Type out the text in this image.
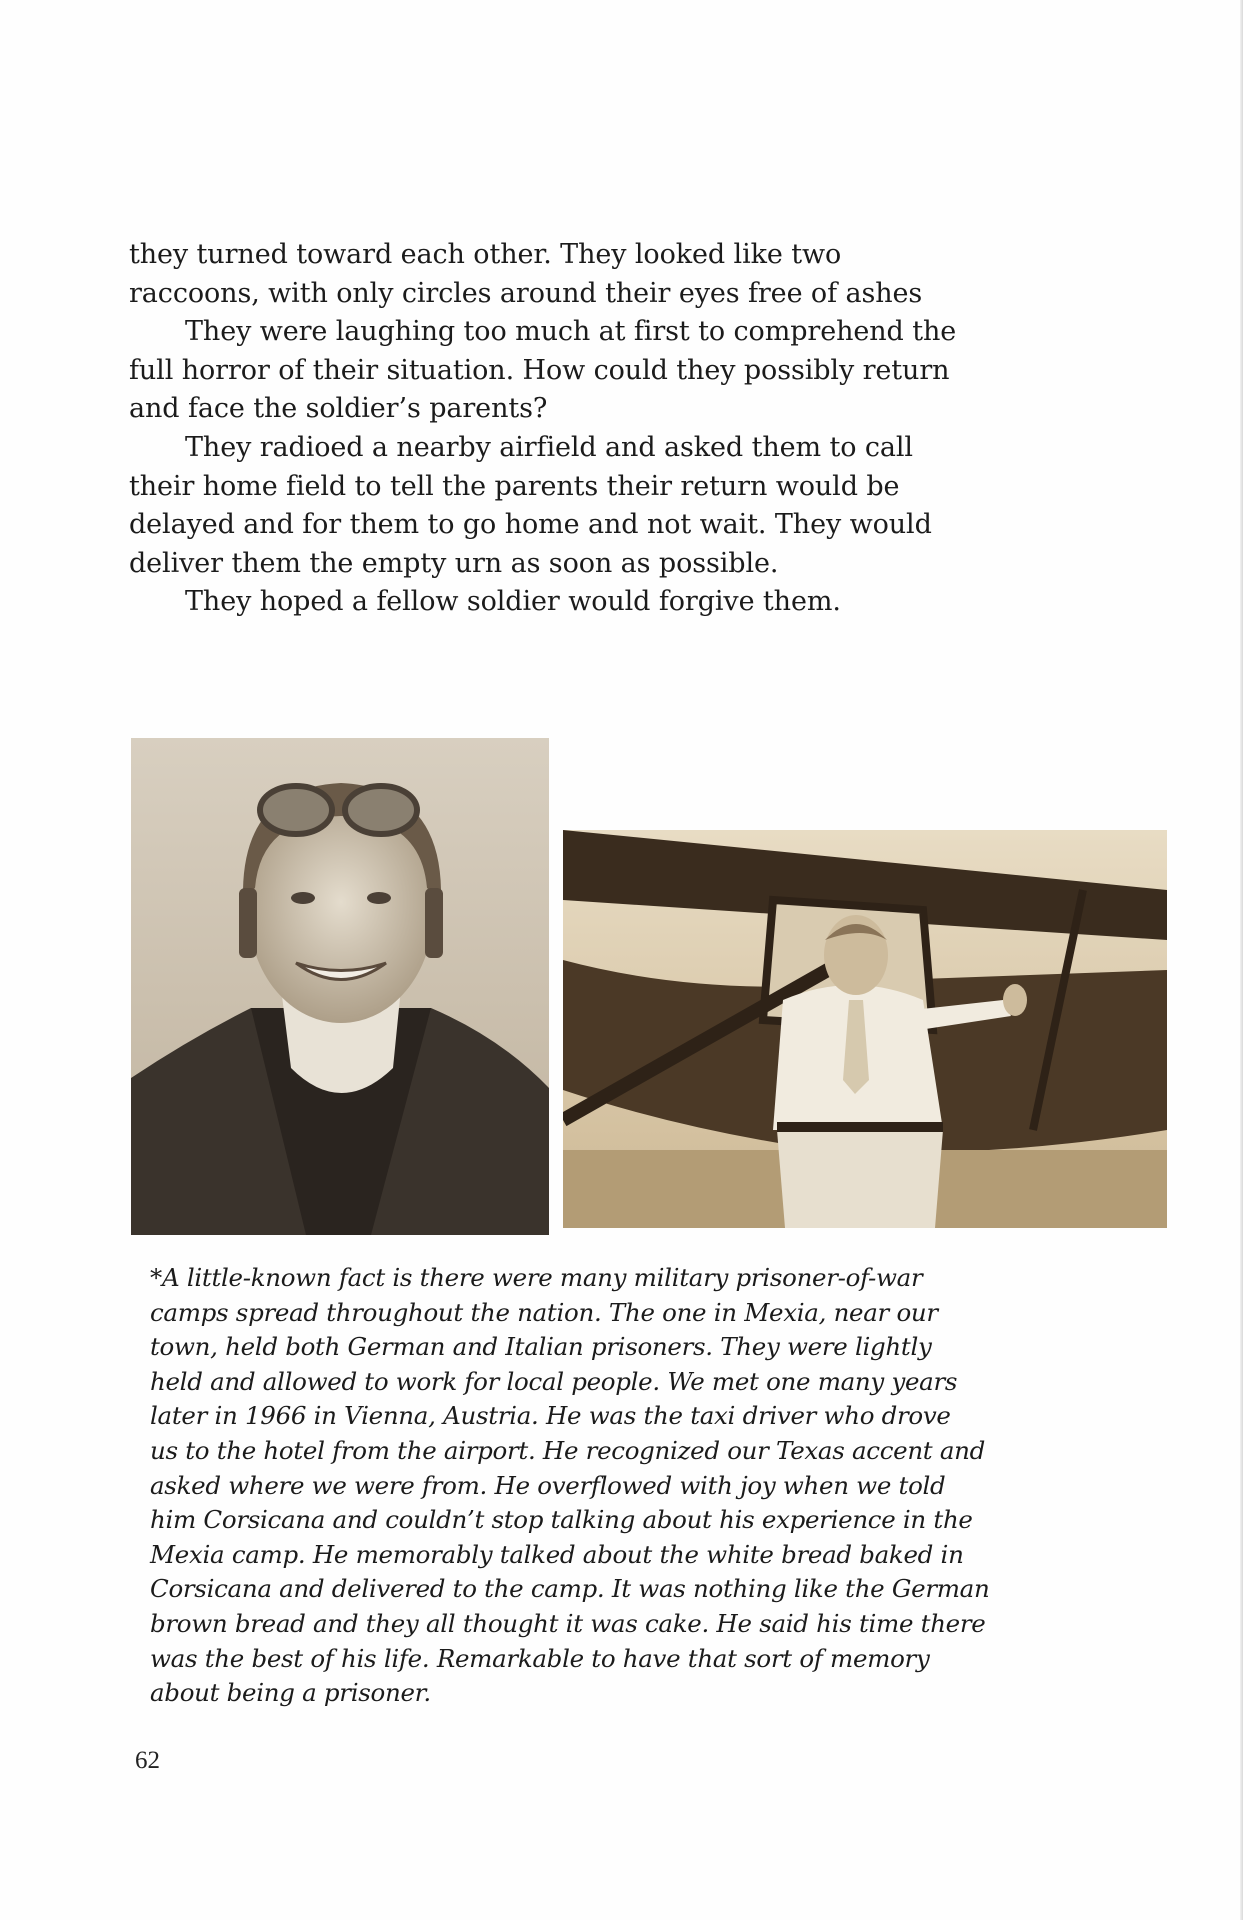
they turned toward each other. They looked like two
raccoons, with only circles around their eyes free of ashes

They were laughing too much at first to comprehend the
full horror of their situation. How could they possibly return
and face the soldier’s parents?

They radioed a nearby airfield and asked them to call
their home field to tell the parents their return would be
delayed and for them to go home and not wait. They would
deliver them the empty urn as soon as possible.

They hoped a fellow soldier would forgive them.

*A little-known fact is there were many military prisoner-of-war
camps spread throughout the nation. The one in Mexia, near our
town, held both German and Italian prisoners. They were lightly
held and allowed to work for local people. We met one many years
later in 1966 in Vienna, Austria. He was the taxi driver who drove
us to the hotel from the airport. He recognized our Texas accent and
asked where we were from. He overflowed with joy when we told
him Corsicana and couldn’t stop talking about his experience in the
Mexia camp. He memorably talked about the white bread baked in
Corsicana and delivered to the camp. It was nothing like the German
brown bread and they all thought it was cake. He said his time there
was the best of his life. Remarkable to have that sort of memory
about being a prisoner.

62
